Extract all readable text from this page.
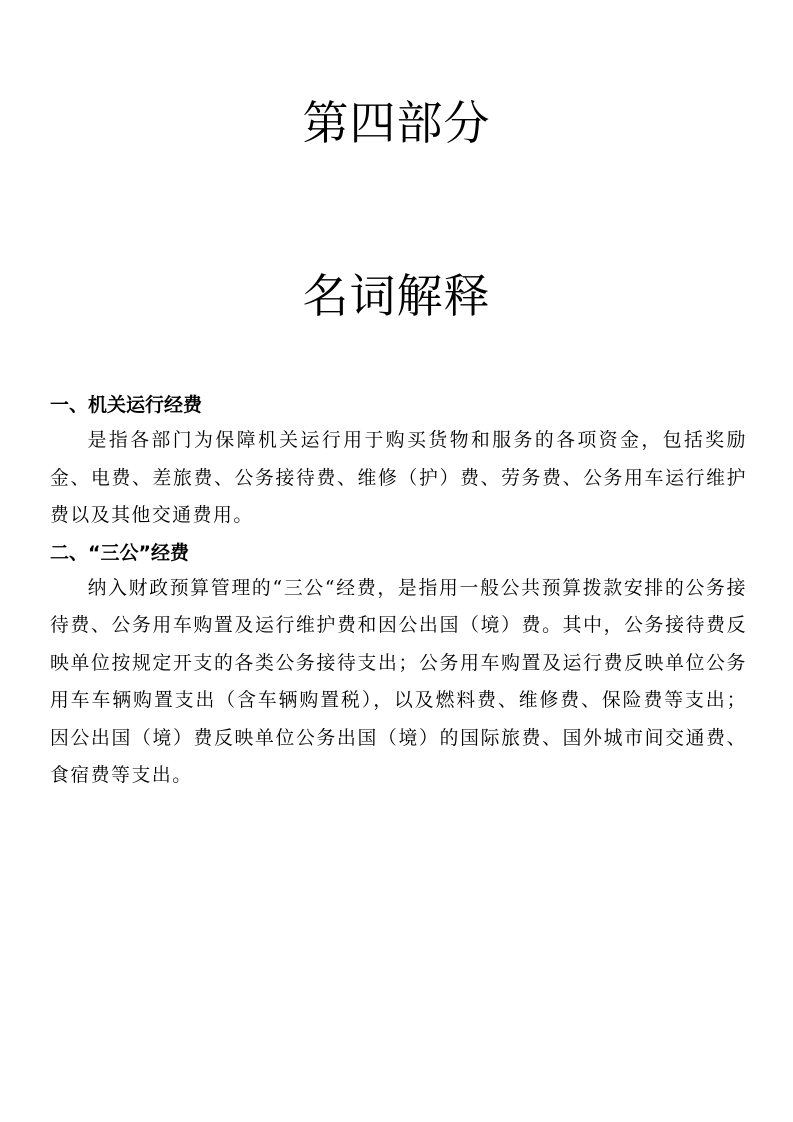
第四部分
名词解释
一、机关运行经费

是指各部门为保障机关运行用于购买货物和服务的各项资金，包括奖励金、电费、差旅费、公务接待费、维修（护）费、劳务费、公务用车运行维护费以及其他交通费用。

二、“三公”经费

纳入财政预算管理的“三公“经费，是指用一般公共预算拨款安排的公务接待费、公务用车购置及运行维护费和因公出国（境）费。其中，公务接待费反映单位按规定开支的各类公务接待支出；公务用车购置及运行费反映单位公务用车车辆购置支出（含车辆购置税），以及燃料费、维修费、保险费等支出；因公出国（境）费反映单位公务出国（境）的国际旅费、国外城市间交通费、食宿费等支出。
